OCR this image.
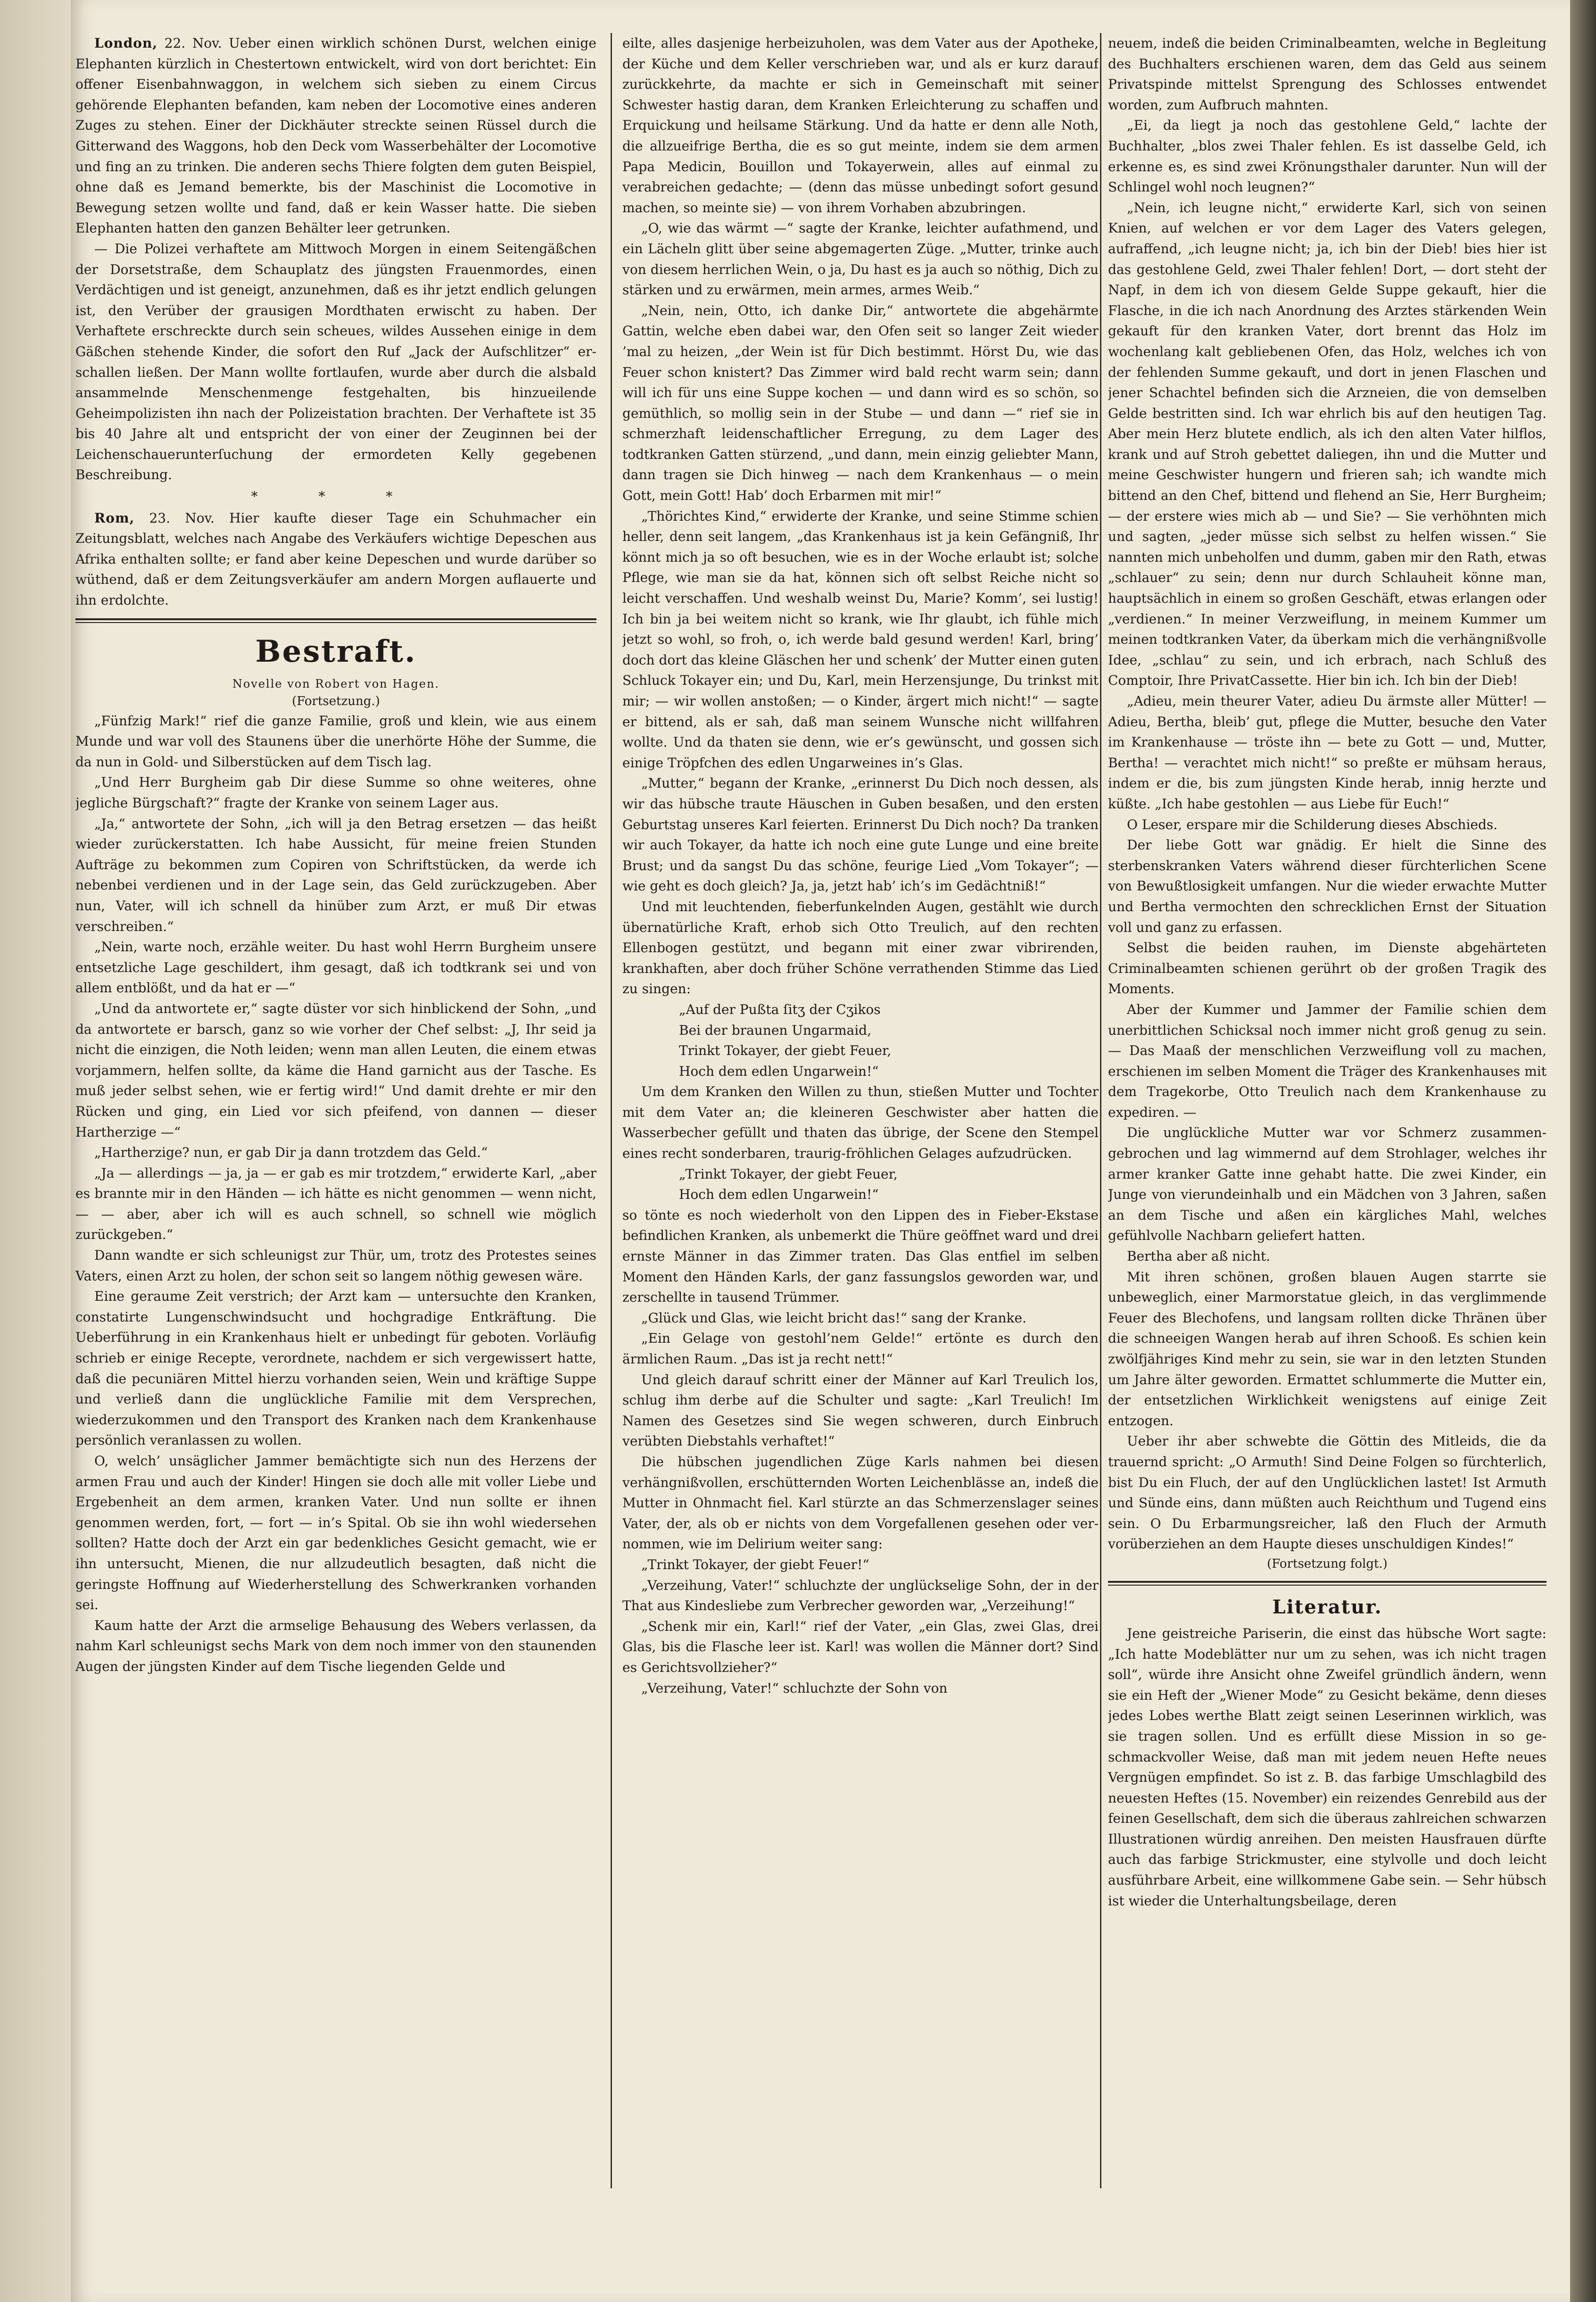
London, 22. Nov. Ueber einen wirklich schönen Durst, welchen einige Elephanten kürzlich in Chestertown entwickelt, wird von dort berichtet: Ein offener Eisenbahnwaggon, in welchem sich sieben zu einem Circus gehörende Elephanten befanden, kam neben der Locomotive eines anderen Zuges zu stehen. Einer der Dickhäuter streckte seinen Rüssel durch die Gitterwand des Waggons, hob den Deck vom Wasserbehälter der Locomotive und fing an zu trinken. Die anderen sechs Thiere folgten dem guten Beispiel, ohne daß es Jemand bemerkte, bis der Maschinist die Locomotive in Bewegung setzen wollte und fand, daß er kein Wasser hatte. Die sieben Elephanten hatten den ganzen Behälter leer getrunken.

— Die Polizei verhaftete am Mittwoch Morgen in einem Seitengäßchen der Dorsetstraße, dem Schauplatz des jüngsten Frauenmordes, einen Verdächtigen und ist geneigt, anzunehmen, daß es ihr jetzt endlich gelungen ist, den Verüber der grausigen Mordthaten erwischt zu haben. Der Verhaftete erschreckte durch sein scheues, wildes Aussehen einige in dem Gäßchen stehende Kinder, die sofort den Ruf „Jack der Aufschlitzer“ erschallen ließen. Der Mann wollte fortlaufen, wurde aber durch die alsbald ansammelnde Menschenmenge festgehalten, bis hinzueilende Geheimpolizisten ihn nach der Polizeistation brachten. Der Verhaftete ist 35 bis 40 Jahre alt und entspricht der von einer der Zeuginnen bei der Leichenschauerunterſuchung der ermordeten Kelly gegebenen Beschreibung.

* * *

Rom, 23. Nov. Hier kaufte dieser Tage ein Schuhmacher ein Zeitungsblatt, welches nach Angabe des Verkäufers wichtige Depeschen aus Afrika enthalten sollte; er fand aber keine Depeschen und wurde darüber so wüthend, daß er dem Zeitungsverkäufer am andern Morgen auflauerte und ihn erdolchte.

Bestraft.
Novelle von Robert von Hagen.
(Fortsetzung.)

„Fünfzig Mark!“ rief die ganze Familie, groß und klein, wie aus einem Munde und war voll des Staunens über die unerhörte Höhe der Summe, die da nun in Gold- und Silberstücken auf dem Tisch lag.

„Und Herr Burgheim gab Dir diese Summe so ohne weiteres, ohne jegliche Bürgschaft?“ fragte der Kranke von seinem Lager aus.

„Ja,“ antwortete der Sohn, „ich will ja den Betrag ersetzen — das heißt wieder zurückerstatten. Ich habe Aussicht, für meine freien Stunden Aufträge zu bekommen zum Copiren von Schriftstücken, da werde ich nebenbei verdienen und in der Lage sein, das Geld zurückzugeben. Aber nun, Vater, will ich schnell da hinüber zum Arzt, er muß Dir etwas verschreiben.“

„Nein, warte noch, erzähle weiter. Du hast wohl Herrn Burgheim unsere entsetzliche Lage geschildert, ihm gesagt, daß ich todtkrank sei und von allem entblößt, und da hat er —“

„Und da antwortete er,“ sagte düster vor sich hinblickend der Sohn, „und da antwortete er barsch, ganz so wie vorher der Chef selbst: „J, Ihr seid ja nicht die einzigen, die Noth leiden; wenn man allen Leuten, die einem etwas vorjammern, helfen sollte, da käme die Hand garnicht aus der Tasche. Es muß jeder selbst sehen, wie er fertig wird!“ Und damit drehte er mir den Rücken und ging, ein Lied vor sich pfeifend, von dannen — dieser Hartherzige —“

„Hartherzige? nun, er gab Dir ja dann trotzdem das Geld.“

„Ja — allerdings — ja, ja — er gab es mir trotzdem,“ erwiderte Karl, „aber es brannte mir in den Händen — ich hätte es nicht genommen — wenn nicht, — — aber, aber ich will es auch schnell, so schnell wie möglich zurückgeben.“

Dann wandte er sich schleunigst zur Thür, um, trotz des Protestes seines Vaters, einen Arzt zu holen, der schon seit so langem nöthig gewesen wäre.

Eine geraume Zeit verstrich; der Arzt kam — untersuchte den Kranken, constatirte Lungenschwindsucht und hochgradige Entkräftung. Die Ueberführung in ein Krankenhaus hielt er unbedingt für geboten. Vorläufig schrieb er einige Recepte, verordnete, nachdem er sich vergewissert hatte, daß die pecuniären Mittel hierzu vorhanden seien, Wein und kräftige Suppe und verließ dann die unglückliche Familie mit dem Versprechen, wiederzukommen und den Transport des Kranken nach dem Krankenhause persönlich veranlassen zu wollen.

O, welch’ unsäglicher Jammer bemächtigte sich nun des Herzens der armen Frau und auch der Kinder! Hingen sie doch alle mit voller Liebe und Ergebenheit an dem armen, kranken Vater. Und nun sollte er ihnen genommen werden, fort, — fort — in’s Spital. Ob sie ihn wohl wiedersehen sollten? Hatte doch der Arzt ein gar bedenkliches Gesicht gemacht, wie er ihn untersucht, Mienen, die nur allzudeutlich besagten, daß nicht die geringste Hoffnung auf Wiederherstellung des Schwerkranken vorhanden sei.

Kaum hatte der Arzt die armselige Behausung des Webers verlassen, da nahm Karl schleunigst sechs Mark von dem noch immer von den staunenden Augen der jüngsten Kinder auf dem Tische liegenden Gelde und

eilte, alles dasjenige herbeizuholen, was dem Vater aus der Apotheke, der Küche und dem Keller verschrieben war, und als er kurz darauf zurückkehrte, da machte er sich in Gemeinschaft mit seiner Schwester hastig daran, dem Kranken Erleichterung zu schaffen und Erquickung und heilsame Stärkung. Und da hatte er denn alle Noth, die allzueifrige Bertha, die es so gut meinte, indem sie dem armen Papa Medicin, Bouillon und Tokayerwein, alles auf einmal zu verabreichen gedachte; — (denn das müsse unbedingt sofort gesund machen, so meinte sie) — von ihrem Vorhaben abzubringen.

„O, wie das wärmt —“ sagte der Kranke, leichter aufathmend, und ein Lächeln glitt über seine abgemagerten Züge. „Mutter, trinke auch von diesem herrlichen Wein, o ja, Du hast es ja auch so nöthig, Dich zu stärken und zu erwärmen, mein armes, armes Weib.“

„Nein, nein, Otto, ich danke Dir,“ antwortete die abgehärmte Gattin, welche eben dabei war, den Ofen seit so langer Zeit wieder ’mal zu heizen, „der Wein ist für Dich bestimmt. Hörst Du, wie das Feuer schon knistert? Das Zimmer wird bald recht warm sein; dann will ich für uns eine Suppe kochen — und dann wird es so schön, so gemüthlich, so mollig sein in der Stube — und dann —“ rief sie in schmerzhaft leidenschaftlicher Erregung, zu dem Lager des todtkranken Gatten stürzend, „und dann, mein einzig geliebter Mann, dann tragen sie Dich hinweg — nach dem Krankenhaus — o mein Gott, mein Gott! Hab’ doch Erbarmen mit mir!“

„Thörichtes Kind,“ erwiderte der Kranke, und seine Stimme schien heller, denn seit langem, „das Krankenhaus ist ja kein Gefängniß, Ihr könnt mich ja so oft besuchen, wie es in der Woche erlaubt ist; solche Pflege, wie man sie da hat, können sich oft selbst Reiche nicht so leicht verschaffen. Und weshalb weinst Du, Marie? Komm’, sei lustig! Ich bin ja bei weitem nicht so krank, wie Ihr glaubt, ich fühle mich jetzt so wohl, so froh, o, ich werde bald gesund werden! Karl, bring’ doch dort das kleine Gläschen her und schenk’ der Mutter einen guten Schluck Tokayer ein; und Du, Karl, mein Herzensjunge, Du trinkst mit mir; — wir wollen anstoßen; — o Kinder, ärgert mich nicht!“ — sagte er bittend, als er sah, daß man seinem Wunsche nicht willfahren wollte. Und da thaten sie denn, wie er’s gewünscht, und gossen sich einige Tröpfchen des edlen Ungarweines in’s Glas.

„Mutter,“ begann der Kranke, „erinnerst Du Dich noch dessen, als wir das hübsche traute Häuschen in Guben besaßen, und den ersten Geburtstag unseres Karl feierten. Erinnerst Du Dich noch? Da tranken wir auch Tokayer, da hatte ich noch eine gute Lunge und eine breite Brust; und da sangst Du das schöne, feurige Lied „Vom Tokayer“; — wie geht es doch gleich? Ja, ja, jetzt hab’ ich’s im Gedächtniß!“

Und mit leuchtenden, fieberfunkelnden Augen, gestählt wie durch übernatürliche Kraft, erhob sich Otto Treulich, auf den rechten Ellenbogen gestützt, und begann mit einer zwar vibrirenden, krankhaften, aber doch früher Schöne verrathenden Stimme das Lied zu singen:

„Auf der Pußta ſitʒ der Cʒikos

Bei der braunen Ungarmaid,

Trinkt Tokayer, der giebt Feuer,

Hoch dem edlen Ungarwein!“

Um dem Kranken den Willen zu thun, stießen Mutter und Tochter mit dem Vater an; die kleineren Geschwister aber hatten die Wasserbecher gefüllt und thaten das übrige, der Scene den Stempel eines recht sonderbaren, traurig-fröhlichen Gelages aufzudrücken.

„Trinkt Tokayer, der giebt Feuer,

Hoch dem edlen Ungarwein!“

so tönte es noch wiederholt von den Lippen des in Fieber-Ekstase befindlichen Kranken, als unbemerkt die Thüre geöffnet ward und drei ernste Männer in das Zimmer traten. Das Glas entfiel im selben Moment den Händen Karls, der ganz fassungslos geworden war, und zerschellte in tausend Trümmer.

„Glück und Glas, wie leicht bricht das!“ sang der Kranke.

„Ein Gelage von gestohl’nem Gelde!“ ertönte es durch den ärmlichen Raum. „Das ist ja recht nett!“

Und gleich darauf schritt einer der Männer auf Karl Treulich los, schlug ihm derbe auf die Schulter und sagte: „Karl Treulich! Im Namen des Gesetzes sind Sie wegen schweren, durch Einbruch verübten Diebstahls verhaftet!“

Die hübschen jugendlichen Züge Karls nahmen bei diesen verhängnißvollen, erschütternden Worten Leichenblässe an, indeß die Mutter in Ohnmacht fiel. Karl stürzte an das Schmerzenslager seines Vater, der, als ob er nichts von dem Vorgefallenen gesehen oder vernommen, wie im Delirium weiter sang:

„Trinkt Tokayer, der giebt Feuer!“

„Verzeihung, Vater!“ schluchzte der unglückselige Sohn, der in der That aus Kindesliebe zum Verbrecher geworden war, „Verzeihung!“

„Schenk mir ein, Karl!“ rief der Vater, „ein Glas, zwei Glas, drei Glas, bis die Flasche leer ist. Karl! was wollen die Männer dort? Sind es Gerichtsvollzieher?“

„Verzeihung, Vater!“ schluchzte der Sohn von

neuem, indeß die beiden Criminalbeamten, welche in Begleitung des Buchhalters erschienen waren, dem das Geld aus seinem Privatspinde mittelst Sprengung des Schlosses entwendet worden, zum Aufbruch mahnten.

„Ei, da liegt ja noch das gestohlene Geld,“ lachte der Buchhalter, „blos zwei Thaler fehlen. Es ist dasselbe Geld, ich erkenne es, es sind zwei Krönungsthaler darunter. Nun will der Schlingel wohl noch leugnen?“

„Nein, ich leugne nicht,“ erwiderte Karl, sich von seinen Knien, auf welchen er vor dem Lager des Vaters gelegen, aufraffend, „ich leugne nicht; ja, ich bin der Dieb! bies hier ist das gestohlene Geld, zwei Thaler fehlen! Dort, — dort steht der Napf, in dem ich von diesem Gelde Suppe gekauft, hier die Flasche, in die ich nach Anordnung des Arztes stärkenden Wein gekauft für den kranken Vater, dort brennt das Holz im wochenlang kalt gebliebenen Ofen, das Holz, welches ich von der fehlenden Summe gekauft, und dort in jenen Flaschen und jener Schachtel befinden sich die Arzneien, die von demselben Gelde bestritten sind. Ich war ehrlich bis auf den heutigen Tag. Aber mein Herz blutete endlich, als ich den alten Vater hilflos, krank und auf Stroh gebettet daliegen, ihn und die Mutter und meine Geschwister hungern und frieren sah; ich wandte mich bittend an den Chef, bittend und flehend an Sie, Herr Burgheim; — der erstere wies mich ab — und Sie? — Sie verhöhnten mich und sagten, „jeder müsse sich selbst zu helfen wissen.“ Sie nannten mich unbeholfen und dumm, gaben mir den Rath, etwas „schlauer“ zu sein; denn nur durch Schlauheit könne man, hauptsächlich in einem so großen Geschäft, etwas erlangen oder „verdienen.“ In meiner Verzweiflung, in meinem Kummer um meinen todtkranken Vater, da überkam mich die verhängnißvolle Idee, „schlau“ zu sein, und ich erbrach, nach Schluß des Comptoir, Ihre PrivatCassette. Hier bin ich. Ich bin der Dieb!

„Adieu, mein theurer Vater, adieu Du ärmste aller Mütter! — Adieu, Bertha, bleib’ gut, pflege die Mutter, besuche den Vater im Krankenhause — tröste ihn — bete zu Gott — und, Mutter, Bertha! — verachtet mich nicht!“ so preßte er mühsam heraus, indem er die, bis zum jüngsten Kinde herab, innig herzte und küßte. „Ich habe gestohlen — aus Liebe für Euch!“

O Leser, erspare mir die Schilderung dieses Abschieds.

Der liebe Gott war gnädig. Er hielt die Sinne des sterbenskranken Vaters während dieser fürchterlichen Scene von Bewußtlosigkeit umfangen. Nur die wieder erwachte Mutter und Bertha vermochten den schrecklichen Ernst der Situation voll und ganz zu erfassen.

Selbst die beiden rauhen, im Dienste abgehärteten Criminalbeamten schienen gerührt ob der großen Tragik des Moments.

Aber der Kummer und Jammer der Familie schien dem unerbittlichen Schicksal noch immer nicht groß genug zu sein. — Das Maaß der menschlichen Verzweiflung voll zu machen, erschienen im selben Moment die Träger des Krankenhauses mit dem Tragekorbe, Otto Treulich nach dem Krankenhause zu expediren. —

Die unglückliche Mutter war vor Schmerz zusammengebrochen und lag wimmernd auf dem Strohlager, welches ihr armer kranker Gatte inne gehabt hatte. Die zwei Kinder, ein Junge von vierundeinhalb und ein Mädchen von 3 Jahren, saßen an dem Tische und aßen ein kärgliches Mahl, welches gefühlvolle Nachbarn geliefert hatten.

Bertha aber aß nicht.

Mit ihren schönen, großen blauen Augen starrte sie unbeweglich, einer Marmorstatue gleich, in das verglimmende Feuer des Blechofens, und langsam rollten dicke Thränen über die schneeigen Wangen herab auf ihren Schooß. Es schien kein zwölfjähriges Kind mehr zu sein, sie war in den letzten Stunden um Jahre älter geworden. Ermattet schlummerte die Mutter ein, der entsetzlichen Wirklichkeit wenigstens auf einige Zeit entzogen.

Ueber ihr aber schwebte die Göttin des Mitleids, die da trauernd spricht: „O Armuth! Sind Deine Folgen so fürchterlich, bist Du ein Fluch, der auf den Unglücklichen lastet! Ist Armuth und Sünde eins, dann müßten auch Reichthum und Tugend eins sein. O Du Erbarmungsreicher, laß den Fluch der Armuth vorüberziehen an dem Haupte dieses unschuldigen Kindes!“

(Fortsetzung folgt.)
Literatur.

Jene geistreiche Pariserin, die einst das hübsche Wort sagte: „Ich hatte Modeblätter nur um zu sehen, was ich nicht tragen soll“, würde ihre Ansicht ohne Zweifel gründlich ändern, wenn sie ein Heft der „Wiener Mode“ zu Gesicht bekäme, denn dieses jedes Lobes werthe Blatt zeigt seinen Leserinnen wirklich, was sie tragen sollen. Und es erfüllt diese Mission in so geschmackvoller Weise, daß man mit jedem neuen Hefte neues Vergnügen empfindet. So ist z. B. das farbige Umschlagbild des neuesten Heftes (15. November) ein reizendes Genrebild aus der feinen Gesellschaft, dem sich die überaus zahlreichen schwarzen Illustrationen würdig anreihen. Den meisten Hausfrauen dürfte auch das farbige Strickmuster, eine stylvolle und doch leicht ausführbare Arbeit, eine willkommene Gabe sein. — Sehr hübsch ist wieder die Unterhaltungsbeilage, deren
